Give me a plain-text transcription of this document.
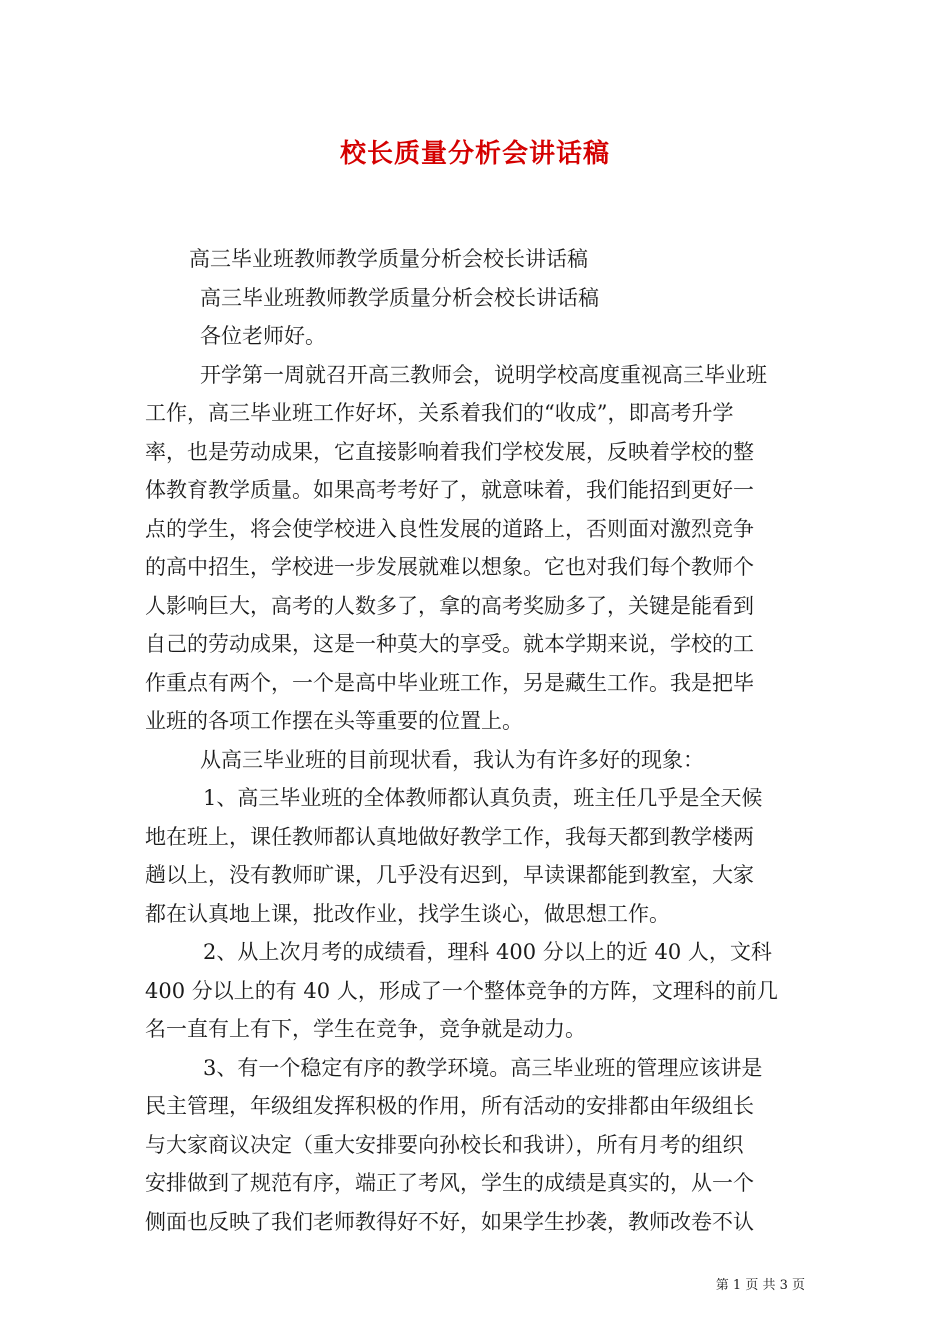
校长质量分析会讲话稿
高三毕业班教师教学质量分析会校长讲话稿
高三毕业班教师教学质量分析会校长讲话稿
各位老师好。
开学第一周就召开高三教师会，说明学校高度重视高三毕业班
工作，高三毕业班工作好坏，关系着我们的“收成”，即高考升学
率，也是劳动成果，它直接影响着我们学校发展，反映着学校的整
体教育教学质量。如果高考考好了，就意味着，我们能招到更好一
点的学生，将会使学校进入良性发展的道路上，否则面对激烈竞争
的高中招生，学校进一步发展就难以想象。它也对我们每个教师个
人影响巨大，高考的人数多了，拿的高考奖励多了，关键是能看到
自己的劳动成果，这是一种莫大的享受。就本学期来说，学校的工
作重点有两个，一个是高中毕业班工作，另是藏生工作。我是把毕
业班的各项工作摆在头等重要的位置上。
从高三毕业班的目前现状看，我认为有许多好的现象：
1、高三毕业班的全体教师都认真负责，班主任几乎是全天候
地在班上，课任教师都认真地做好教学工作，我每天都到教学楼两
趟以上，没有教师旷课，几乎没有迟到，早读课都能到教室，大家
都在认真地上课，批改作业，找学生谈心，做思想工作。
2、从上次月考的成绩看，理科 400 分以上的近 40 人，文科
400 分以上的有 40 人，形成了一个整体竞争的方阵，文理科的前几
名一直有上有下，学生在竞争，竞争就是动力。
3、有一个稳定有序的教学环境。高三毕业班的管理应该讲是
民主管理，年级组发挥积极的作用，所有活动的安排都由年级组长
与大家商议决定（重大安排要向孙校长和我讲），所有月考的组织
安排做到了规范有序，端正了考风，学生的成绩是真实的，从一个
侧面也反映了我们老师教得好不好，如果学生抄袭，教师改卷不认
第 1 页 共 3 页
